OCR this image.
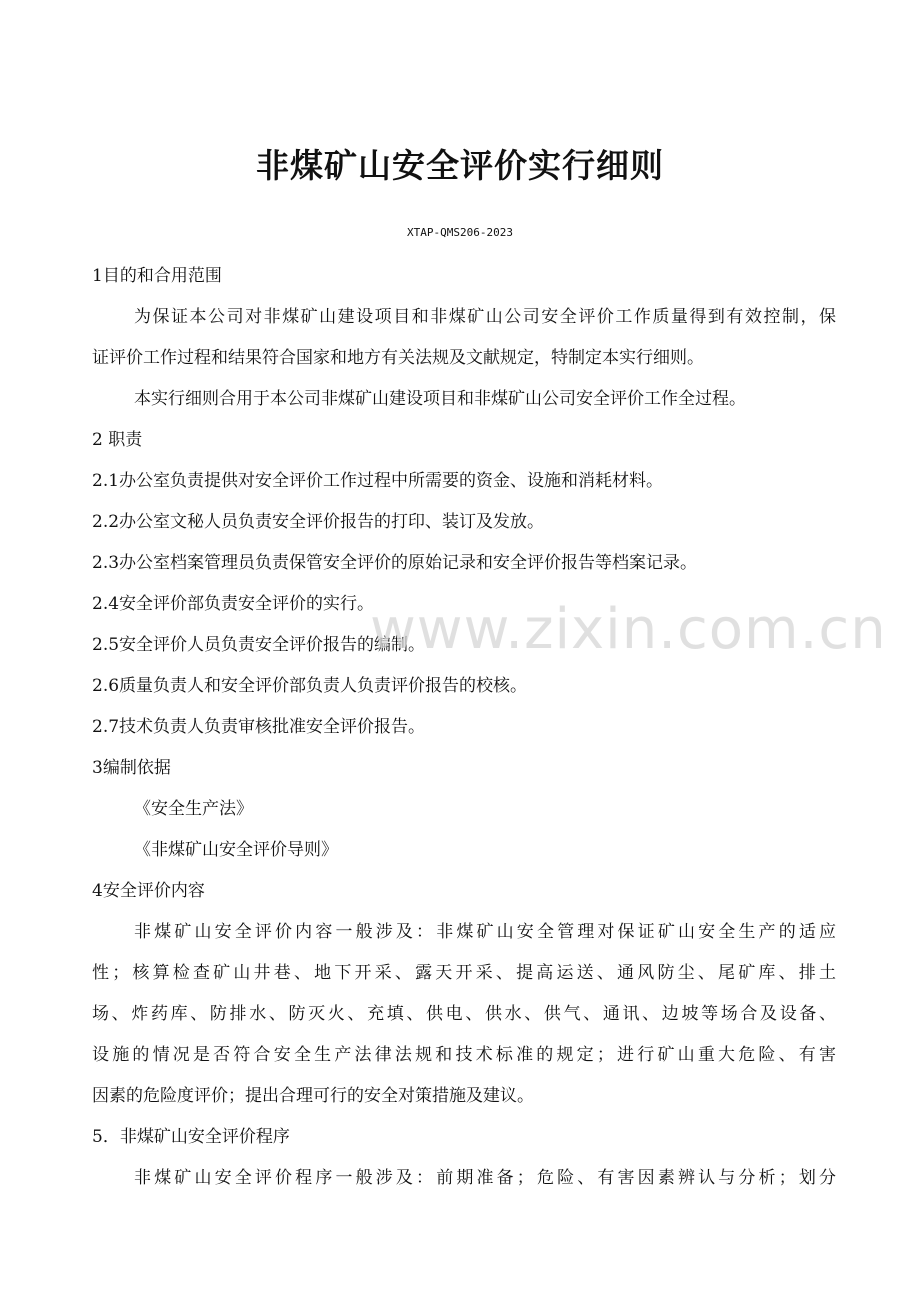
非煤矿山安全评价实行细则
XTAP-QMS206-2023
1目的和合用范围
为保证本公司对非煤矿山建设项目和非煤矿山公司安全评价工作质量得到有效控制，保
证评价工作过程和结果符合国家和地方有关法规及文献规定，特制定本实行细则。
本实行细则合用于本公司非煤矿山建设项目和非煤矿山公司安全评价工作全过程。
2 职责
2.1办公室负责提供对安全评价工作过程中所需要的资金、设施和消耗材料。
2.2办公室文秘人员负责安全评价报告的打印、装订及发放。
2.3办公室档案管理员负责保管安全评价的原始记录和安全评价报告等档案记录。
2.4安全评价部负责安全评价的实行。
2.5安全评价人员负责安全评价报告的编制。
2.6质量负责人和安全评价部负责人负责评价报告的校核。
2.7技术负责人负责审核批准安全评价报告。
3编制依据
《安全生产法》
《非煤矿山安全评价导则》
4安全评价内容
非煤矿山安全评价内容一般涉及：非煤矿山安全管理对保证矿山安全生产的适应
性；核算检查矿山井巷、地下开采、露天开采、提高运送、通风防尘、尾矿库、排土
场、炸药库、防排水、防灭火、充填、供电、供水、供气、通讯、边坡等场合及设备、
设施的情况是否符合安全生产法律法规和技术标准的规定；进行矿山重大危险、有害
因素的危险度评价；提出合理可行的安全对策措施及建议。
5．非煤矿山安全评价程序
非煤矿山安全评价程序一般涉及：前期准备；危险、有害因素辨认与分析；划分
www.zixin.com.cn
